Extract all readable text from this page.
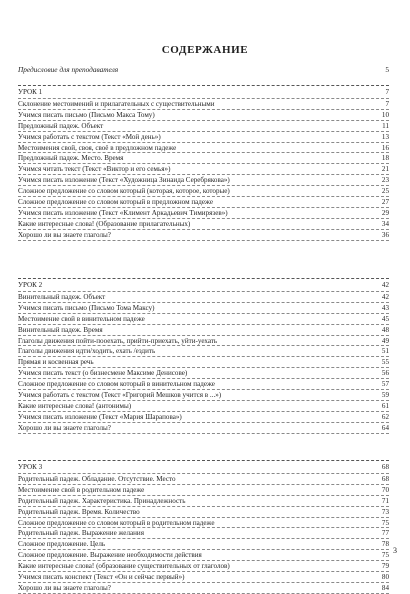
СОДЕРЖАНИЕ
Предисловие для преподавателя	5
УРОК 1	7
Склонение местоимений и прилагательных с существительными	7
Учимся писать письмо (Письмо Макса Тому)	10
Предложный падеж. Объект	11
Учимся работать с текстом (Текст «Мой день»)	13
Местоимения свой, своя, своё в предложном падеже	16
Предложный падеж. Место. Время	18
Учимся читать текст (Текст «Виктор и его семья»)	21
Учимся писать изложение (Текст «Художница Зинаида Серебрякова»)	23
Сложное предложение со словом который (которая, которое, которые)	25
Сложное предложение со словом который в предложном падеже	27
Учимся писать изложение (Текст «Климент Аркадьевич Тимирязев»)	29
Какие интересные слова! (Образование прилагательных)	34
Хорошо ли вы знаете глаголы?	36
УРОК 2	42
Винительный падеж. Объект	42
Учимся писать письмо (Письмо Тома Максу)	43
Местоимение свой в винительном падеже	45
Винительный падеж. Время	48
Глаголы движения пойти-пооехать, прийти-приехать, уйти-уехать	49
Глаголы движения идти/ходить, ехать /ездить	51
Прямая и косвенная речь	55
Учимся писать текст (о бизнесмене Максиме Денисове)	56
Сложное предложение со словом который в винительном падеже	57
Учимся работать с текстом (Текст «Григорий Мешков учится в ...»)	59
Какие интересные слова! (антонимы)	61
Учимся писать изложение (Текст «Мария Шарапова»)	62
Хорошо ли вы знаете глаголы?	64
УРОК 3	68
Родительный падеж. Обладание. Отсутствие. Место	68
Местоимение свой в родительном падеже	70
Родительный падеж. Характеристика. Принадлежность	71
Родительный падеж. Время. Количество	73
Сложное предложение со словом который в родительном падеже	75
Родительный падеж. Выражение желания	77
Сложное предложение. Цель	78
Сложное предложение. Выражение необходимости действия	75
Какие интересные слова! (образование существительных от глаголов)	79
Учимся писать конспект (Текст «Он и сейчас первый»)	80
Хорошо ли вы знаете глаголы?	84
3
